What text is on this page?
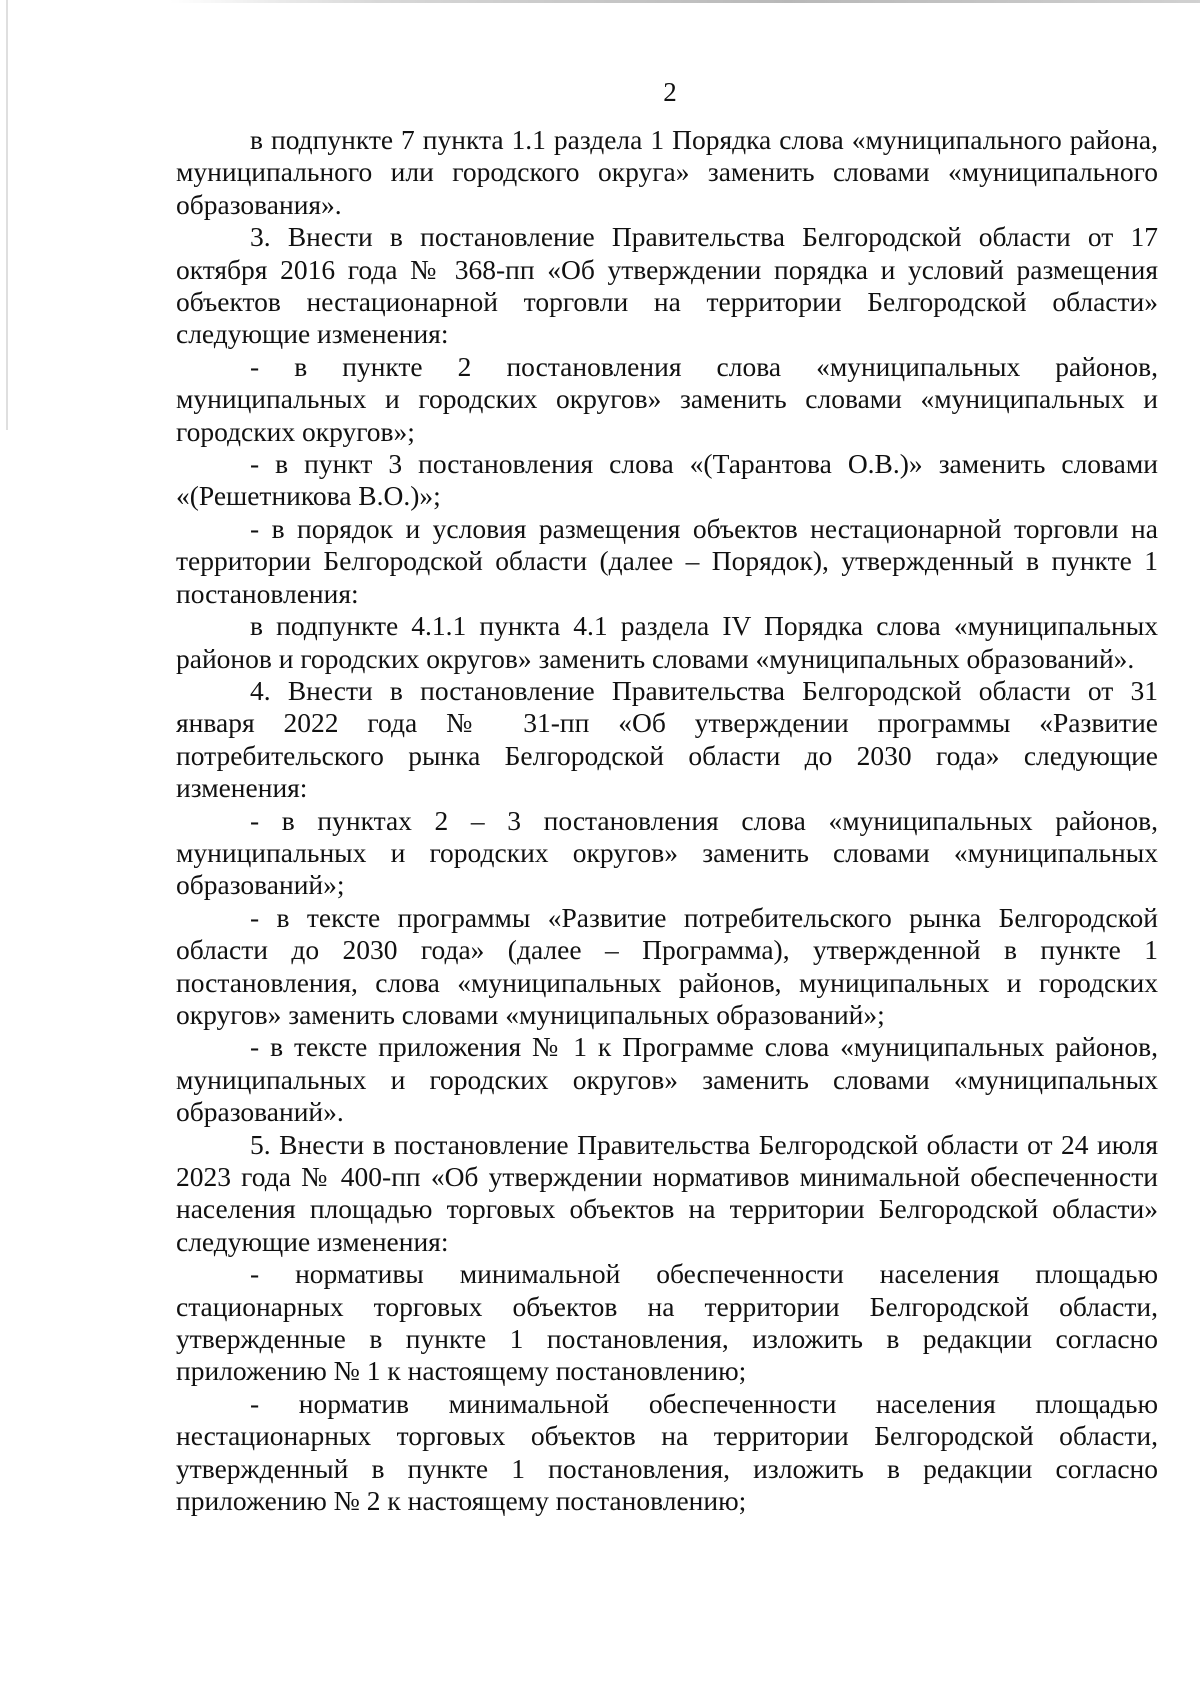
2

в подпункте 7 пункта 1.1 раздела 1 Порядка слова «муниципального района, муниципального или городского округа» заменить словами «муниципального образования».

3. Внести в постановление Правительства Белгородской области от 17 октября 2016 года № 368-пп «Об утверждении порядка и условий размещения объектов нестационарной торговли на территории Белгородской области» следующие изменения:

- в пункте 2 постановления слова «муниципальных районов, муниципальных и городских округов» заменить словами «муниципальных и городских округов»;

- в пункт 3 постановления слова «(Тарантова О.В.)» заменить словами «(Решетникова В.О.)»;

- в порядок и условия размещения объектов нестационарной торговли на территории Белгородской области (далее – Порядок), утвержденный в пункте 1 постановления:

в подпункте 4.1.1 пункта 4.1 раздела IV Порядка слова «муниципальных районов и городских округов» заменить словами «муниципальных образований».

4. Внести в постановление Правительства Белгородской области от 31 января 2022 года № 31-пп «Об утверждении программы «Развитие потребительского рынка Белгородской области до 2030 года» следующие изменения:

- в пунктах 2 – 3 постановления слова «муниципальных районов, муниципальных и городских округов» заменить словами «муниципальных образований»;

- в тексте программы «Развитие потребительского рынка Белгородской области до 2030 года» (далее – Программа), утвержденной в пункте 1 постановления, слова «муниципальных районов, муниципальных и городских округов» заменить словами «муниципальных образований»;

- в тексте приложения № 1 к Программе слова «муниципальных районов, муниципальных и городских округов» заменить словами «муниципальных образований».

5. Внести в постановление Правительства Белгородской области от 24 июля 2023 года № 400-пп «Об утверждении нормативов минимальной обеспеченности населения площадью торговых объектов на территории Белгородской области» следующие изменения:

- нормативы минимальной обеспеченности населения площадью стационарных торговых объектов на территории Белгородской области, утвержденные в пункте 1 постановления, изложить в редакции согласно приложению № 1 к настоящему постановлению;

- норматив минимальной обеспеченности населения площадью нестационарных торговых объектов на территории Белгородской области, утвержденный в пункте 1 постановления, изложить в редакции согласно приложению № 2 к настоящему постановлению;
